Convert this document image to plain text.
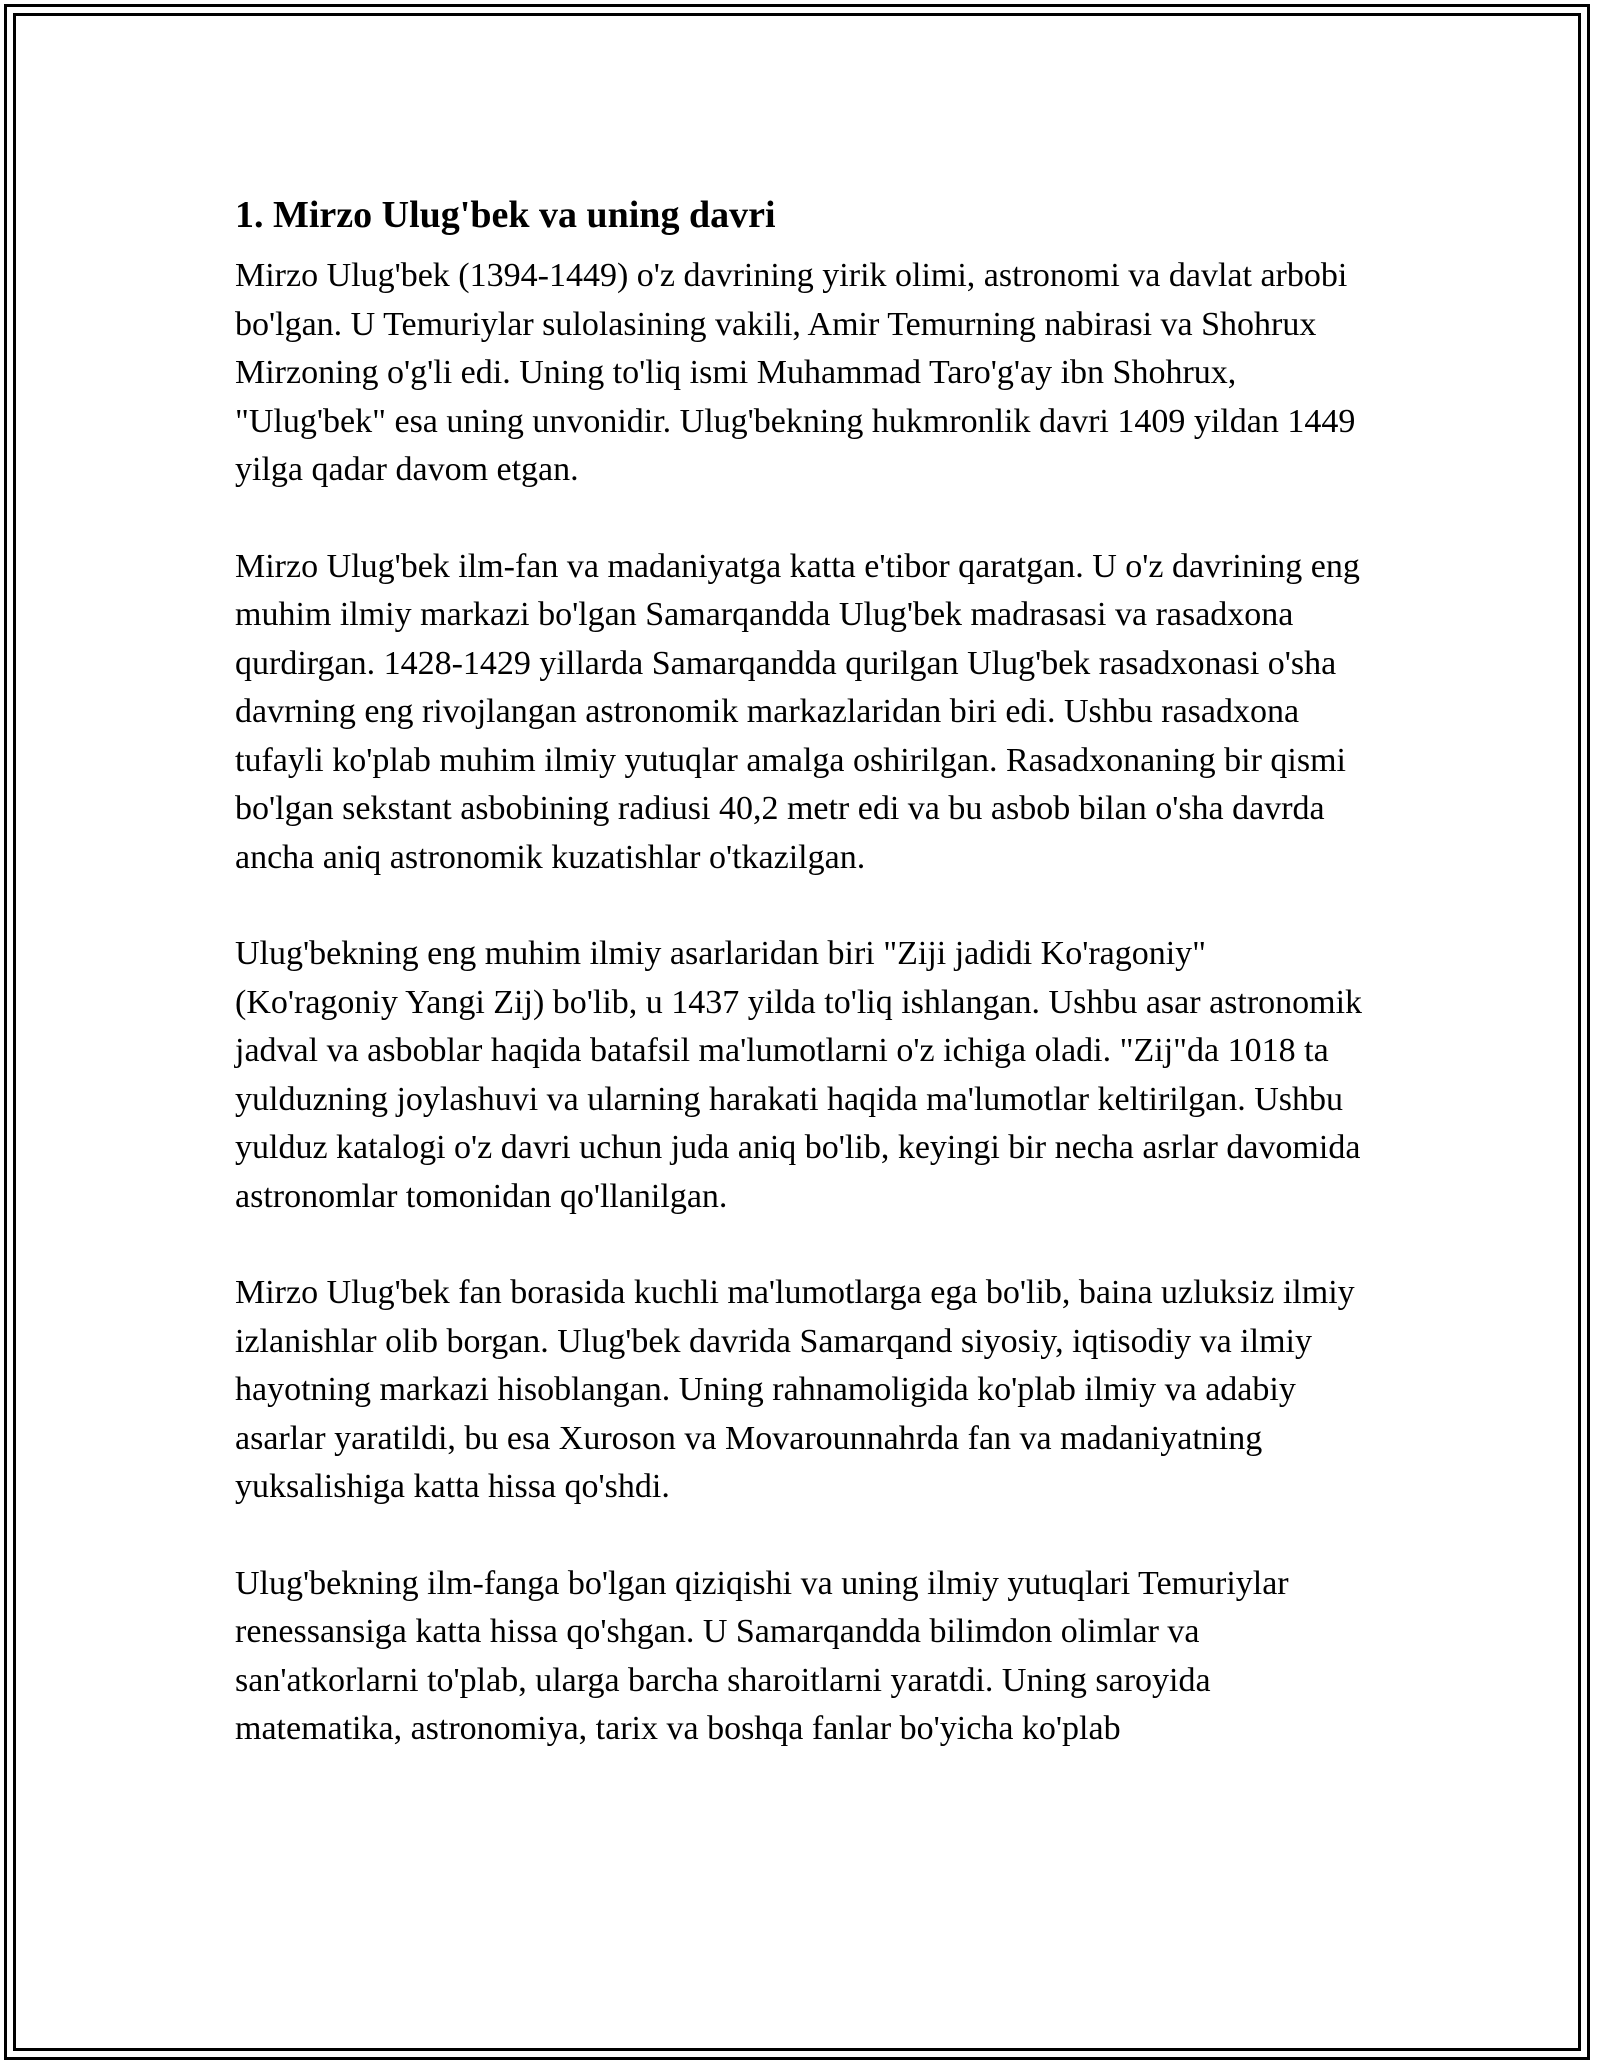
1. Mirzo Ulug'bek va uning davri

Mirzo Ulug'bek (1394-1449) o'z davrining yirik olimi, astronomi va davlat arbobi bo'lgan. U Temuriylar sulolasining vakili, Amir Temurning nabirasi va Shohrux Mirzoning o'g'li edi. Uning to'liq ismi Muhammad Taro'g'ay ibn Shohrux, "Ulug'bek" esa uning unvonidir. Ulug'bekning hukmronlik davri 1409 yildan 1449 yilga qadar davom etgan.

Mirzo Ulug'bek ilm-fan va madaniyatga katta e'tibor qaratgan. U o'z davrining eng muhim ilmiy markazi bo'lgan Samarqandda Ulug'bek madrasasi va rasadxona qurdirgan. 1428-1429 yillarda Samarqandda qurilgan Ulug'bek rasadxonasi o'sha davrning eng rivojlangan astronomik markazlaridan biri edi. Ushbu rasadxona tufayli ko'plab muhim ilmiy yutuqlar amalga oshirilgan. Rasadxonaning bir qismi bo'lgan sekstant asbobining radiusi 40,2 metr edi va bu asbob bilan o'sha davrda ancha aniq astronomik kuzatishlar o'tkazilgan.

Ulug'bekning eng muhim ilmiy asarlaridan biri "Ziji jadidi Ko'ragoniy" (Ko'ragoniy Yangi Zij) bo'lib, u 1437 yilda to'liq ishlangan. Ushbu asar astronomik jadval va asboblar haqida batafsil ma'lumotlarni o'z ichiga oladi. "Zij"da 1018 ta yulduzning joylashuvi va ularning harakati haqida ma'lumotlar keltirilgan. Ushbu yulduz katalogi o'z davri uchun juda aniq bo'lib, keyingi bir necha asrlar davomida astronomlar tomonidan qo'llanilgan.

Mirzo Ulug'bek fan borasida kuchli ma'lumotlarga ega bo'lib, baina uzluksiz ilmiy izlanishlar olib borgan. Ulug'bek davrida Samarqand siyosiy, iqtisodiy va ilmiy hayotning markazi hisoblangan. Uning rahnamoligida ko'plab ilmiy va adabiy asarlar yaratildi, bu esa Xuroson va Movarounnahrda fan va madaniyatning yuksalishiga katta hissa qo'shdi.

Ulug'bekning ilm-fanga bo'lgan qiziqishi va uning ilmiy yutuqlari Temuriylar renessansiga katta hissa qo'shgan. U Samarqandda bilimdon olimlar va san'atkorlarni to'plab, ularga barcha sharoitlarni yaratdi. Uning saroyida matematika, astronomiya, tarix va boshqa fanlar bo'yicha ko'plab
